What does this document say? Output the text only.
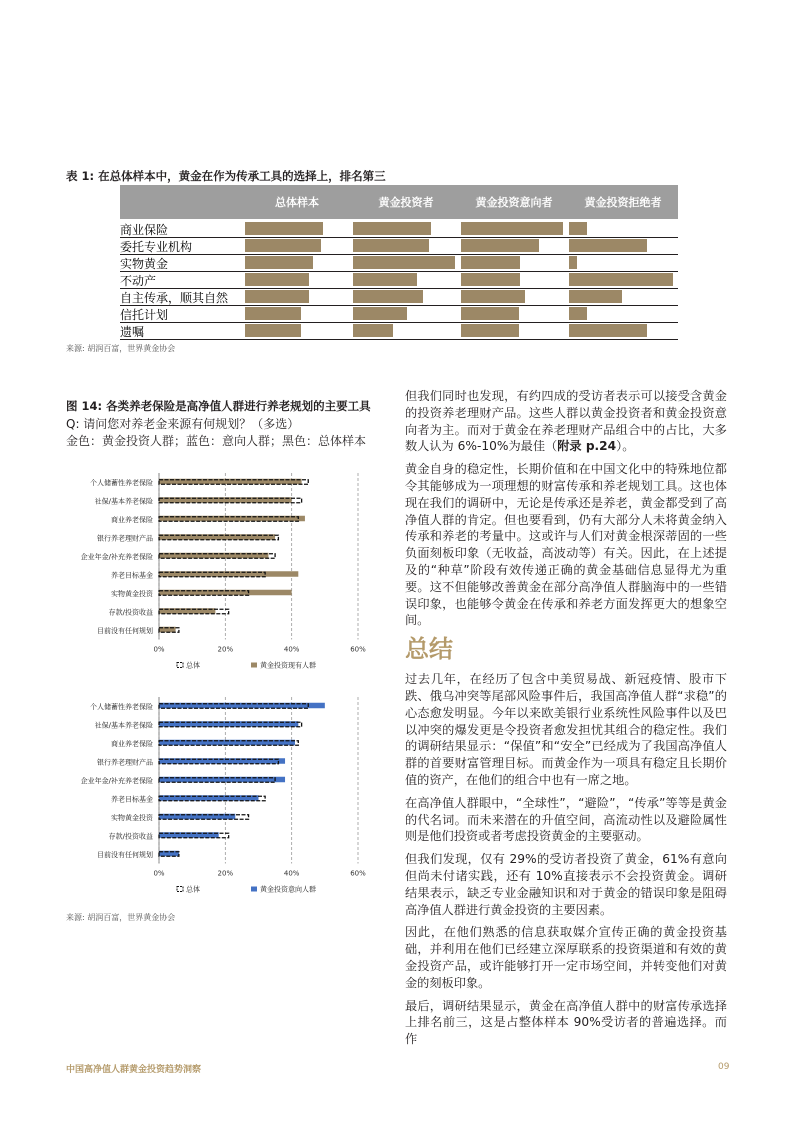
表 1: 在总体样本中，黄金在作为传承工具的选择上，排名第三
总体样本	黄金投资者	黄金投资意向者	黄金投资拒绝者
商业保险
委托专业机构
实物黄金
不动产
自主传承，顺其自然
信托计划
遗嘱
来源: 胡润百富，世界黄金协会
图 14: 各类养老保险是高净值人群进行养老规划的主要工具
Q: 请问您对养老金来源有何规划？（多选）
金色：黄金投资人群；蓝色：意向人群；黑色：总体样本
0%	20%	40%	60%
个人储蓄性养老保险
社保/基本养老保险
商业养老保险
银行养老理财产品
企业年金/补充养老保险
养老目标基金
实物黄金投资
存款/投资收益
目前没有任何规划
总体	黄金投资现有人群
0%	20%	40%	60%
个人储蓄性养老保险
社保/基本养老保险
商业养老保险
银行养老理财产品
企业年金/补充养老保险
养老目标基金
实物黄金投资
存款/投资收益
目前没有任何规划
总体	黄金投资意向人群
来源: 胡润百富，世界黄金协会

但我们同时也发现，有约四成的受访者表示可以接受含黄金的投资养老理财产品。这些人群以黄金投资者和黄金投资意向者为主。而对于黄金在养老理财产品组合中的占比，大多数人认为 6%-10%为最佳（附录 p.24）。

黄金自身的稳定性，长期价值和在中国文化中的特殊地位都令其能够成为一项理想的财富传承和养老规划工具。这也体现在我们的调研中，无论是传承还是养老，黄金都受到了高净值人群的肯定。但也要看到，仍有大部分人未将黄金纳入传承和养老的考量中。这或许与人们对黄金根深蒂固的一些负面刻板印象（无收益，高波动等）有关。因此，在上述提及的“种草”阶段有效传递正确的黄金基础信息显得尤为重要。这不但能够改善黄金在部分高净值人群脑海中的一些错误印象，也能够令黄金在传承和养老方面发挥更大的想象空间。

总结

过去几年，在经历了包含中美贸易战、新冠疫情、股市下跌、俄乌冲突等尾部风险事件后，我国高净值人群“求稳”的心态愈发明显。今年以来欧美银行业系统性风险事件以及巴以冲突的爆发更是令投资者愈发担忧其组合的稳定性。我们的调研结果显示：“保值”和“安全”已经成为了我国高净值人群的首要财富管理目标。而黄金作为一项具有稳定且长期价值的资产，在他们的组合中也有一席之地。

在高净值人群眼中，“全球性”，“避险”，“传承”等等是黄金的代名词。而未来潜在的升值空间，高流动性以及避险属性则是他们投资或者考虑投资黄金的主要驱动。

但我们发现，仅有 29%的受访者投资了黄金，61%有意向但尚未付诸实践，还有 10%直接表示不会投资黄金。调研结果表示，缺乏专业金融知识和对于黄金的错误印象是阻碍高净值人群进行黄金投资的主要因素。

因此，在他们熟悉的信息获取媒介宣传正确的黄金投资基础，并利用在他们已经建立深厚联系的投资渠道和有效的黄金投资产品，或许能够打开一定市场空间，并转变他们对黄金的刻板印象。

最后，调研结果显示，黄金在高净值人群中的财富传承选择上排名前三，这是占整体样本 90%受访者的普遍选择。而作

中国高净值人群黄金投资趋势洞察	09
